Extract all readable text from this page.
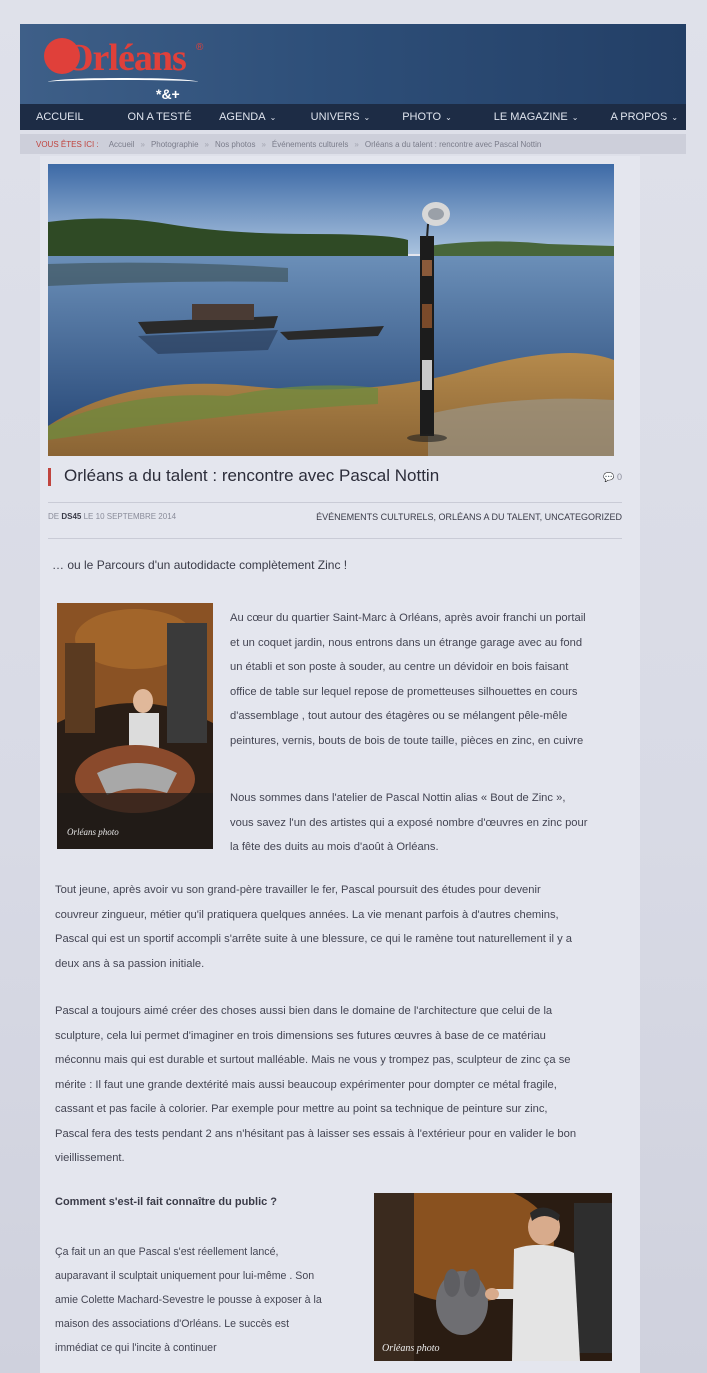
Orléans ®
*&+
ACCUEIL	ON A TESTÉ	AGENDA ⌄	UNIVERS ⌄	PHOTO ⌄	LE MAGAZINE ⌄	A PROPOS ⌄
VOUS ÊTES ICI : Accueil » Photographie » Nos photos » Événements culturels » Orléans a du talent : rencontre avec Pascal Nottin
Orléans a du talent : rencontre avec Pascal Nottin	💬 0
DE DS45 LE 10 SEPTEMBRE 2014	ÉVÉNEMENTS CULTURELS, ORLÉANS A DU TALENT, UNCATEGORIZED
… ou le Parcours d'un autodidacte complètement Zinc !
Orléans photo
Au cœur du quartier Saint-Marc à Orléans, après avoir franchi un portail
et un coquet jardin, nous entrons dans un étrange garage avec au fond
un établi et son poste à souder, au centre un dévidoir en bois faisant
office de table sur lequel repose de prometteuses silhouettes en cours
d'assemblage , tout autour des étagères ou se mélangent pêle-mêle
peintures, vernis, bouts de bois de toute taille, pièces en zinc, en cuivre
Nous sommes dans l'atelier de Pascal Nottin alias « Bout de Zinc »,
vous savez l'un des artistes qui a exposé nombre d'œuvres en zinc pour
la fête des duits au mois d'août à Orléans.
Tout jeune, après avoir vu son grand-père travailler le fer, Pascal poursuit des études pour devenir
couvreur zingueur, métier qu'il pratiquera quelques années. La vie menant parfois à d'autres chemins,
Pascal qui est un sportif accompli s'arrête suite à une blessure, ce qui le ramène tout naturellement il y a
deux ans à sa passion initiale.
Pascal a toujours aimé créer des choses aussi bien dans le domaine de l'architecture que celui de la
sculpture, cela lui permet d'imaginer en trois dimensions ses futures œuvres à base de ce matériau
méconnu mais qui est durable et surtout malléable. Mais ne vous y trompez pas, sculpteur de zinc ça se
mérite : Il faut une grande dextérité mais aussi beaucoup expérimenter pour dompter ce métal fragile,
cassant et pas facile à colorier. Par exemple pour mettre au point sa technique de peinture sur zinc,
Pascal fera des tests pendant 2 ans n'hésitant pas à laisser ses essais à l'extérieur pour en valider le bon
vieillissement.
Comment s'est-il fait connaître du public ?
Ça fait un an que Pascal s'est réellement lancé,
auparavant il sculptait uniquement pour lui-même . Son
amie Colette Machard-Sevestre le pousse à exposer à la
maison des associations d'Orléans. Le succès est
immédiat ce qui l'incite à continuer	Orléans photo
